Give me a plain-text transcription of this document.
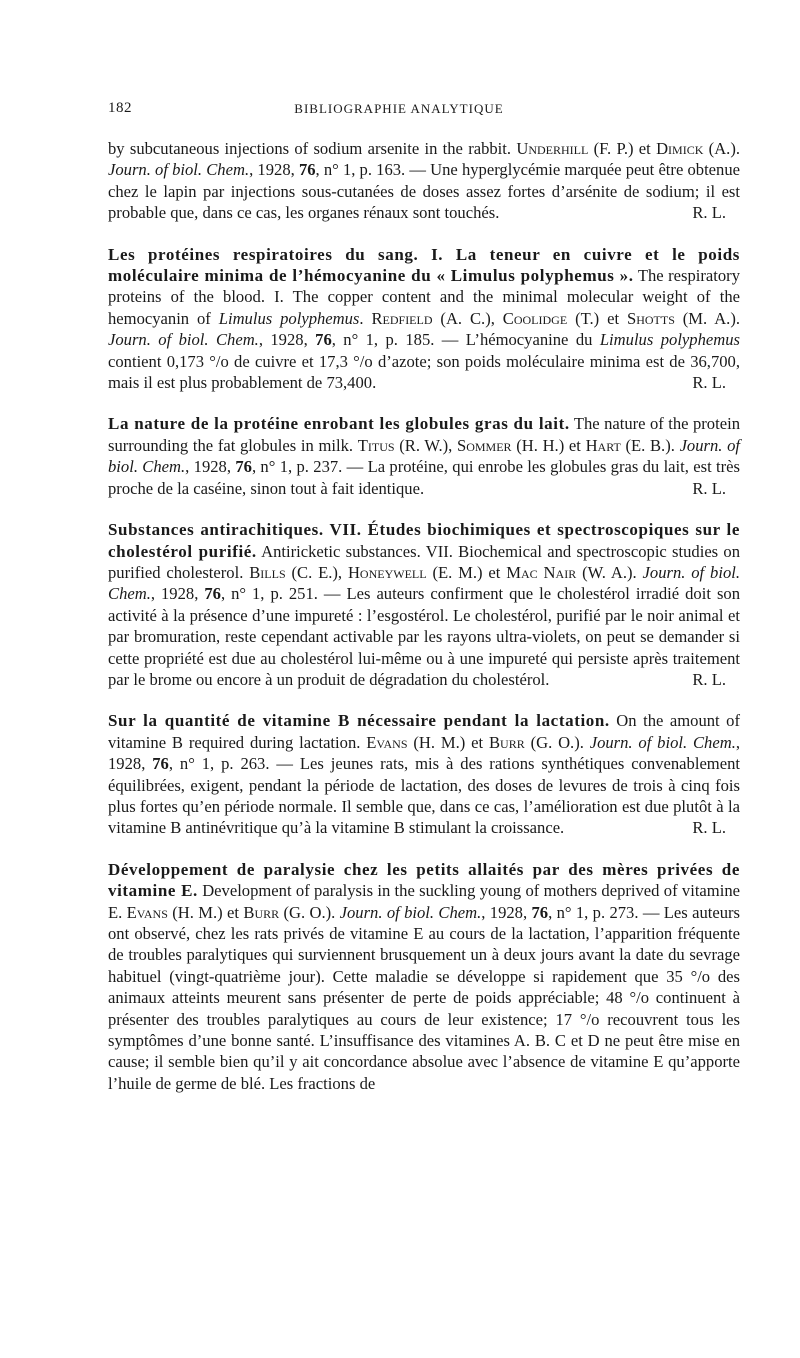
182	BIBLIOGRAPHIE ANALYTIQUE

by subcutaneous injections of sodium arsenite in the rabbit. Underhill (F. P.) et Dimick (A.). Journ. of biol. Chem., 1928, 76, n° 1, p. 163. — Une hyperglycémie marquée peut être obtenue chez le lapin par injections sous-cutanées de doses assez fortes d’arsénite de sodium; il est probable que, dans ce cas, les organes rénaux sont touchés.	R. L.

Les protéines respiratoires du sang. I. La teneur en cuivre et le poids moléculaire minima de l’hémocyanine du « Limulus polyphemus ». The respiratory proteins of the blood. I. The copper content and the minimal molecular weight of the hemocyanin of Limulus polyphemus. Redfield (A. C.), Coolidge (T.) et Shotts (M. A.). Journ. of biol. Chem., 1928, 76, n° 1, p. 185. — L’hémocyanine du Limulus polyphemus contient 0,173 °/o de cuivre et 17,3 °/o d’azote; son poids moléculaire minima est de 36,700, mais il est plus probablement de 73,400.	R. L.

La nature de la protéine enrobant les globules gras du lait. The nature of the protein surrounding the fat globules in milk. Titus (R. W.), Sommer (H. H.) et Hart (E. B.). Journ. of biol. Chem., 1928, 76, n° 1, p. 237. — La protéine, qui enrobe les globules gras du lait, est très proche de la caséine, sinon tout à fait identique.	R. L.

Substances antirachitiques. VII. Études biochimiques et spectroscopiques sur le cholestérol purifié. Antiricketic substances. VII. Biochemical and spectroscopic studies on purified cholesterol. Bills (C. E.), Honeywell (E. M.) et Mac Nair (W. A.). Journ. of biol. Chem., 1928, 76, n° 1, p. 251. — Les auteurs confirment que le cholestérol irradié doit son activité à la présence d’une impureté : l’esgostérol. Le cholestérol, purifié par le noir animal et par bromuration, reste cependant activable par les rayons ultra-violets, on peut se demander si cette propriété est due au cholestérol lui-même ou à une impureté qui persiste après traitement par le brome ou encore à un produit de dégradation du cholestérol.	R. L.

Sur la quantité de vitamine B nécessaire pendant la lactation. On the amount of vitamine B required during lactation. Evans (H. M.) et Burr (G. O.). Journ. of biol. Chem., 1928, 76, n° 1, p. 263. — Les jeunes rats, mis à des rations synthétiques convenablement équilibrées, exigent, pendant la période de lactation, des doses de levures de trois à cinq fois plus fortes qu’en période normale. Il semble que, dans ce cas, l’amélioration est due plutôt à la vitamine B antinévritique qu’à la vitamine B stimulant la croissance.	R. L.

Développement de paralysie chez les petits allaités par des mères privées de vitamine E. Development of paralysis in the suckling young of mothers deprived of vitamine E. Evans (H. M.) et Burr (G. O.). Journ. of biol. Chem., 1928, 76, n° 1, p. 273. — Les auteurs ont observé, chez les rats privés de vitamine E au cours de la lactation, l’apparition fréquente de troubles paralytiques qui surviennent brusquement un à deux jours avant la date du sevrage habituel (vingt-quatrième jour). Cette maladie se développe si rapidement que 35 °/o des animaux atteints meurent sans présenter de perte de poids appréciable; 48 °/o continuent à présenter des troubles paralytiques au cours de leur existence; 17 °/o recouvrent tous les symptômes d’une bonne santé. L’insuffisance des vitamines A. B. C et D ne peut être mise en cause; il semble bien qu’il y ait concordance absolue avec l’absence de vitamine E qu’apporte l’huile de germe de blé. Les fractions de
